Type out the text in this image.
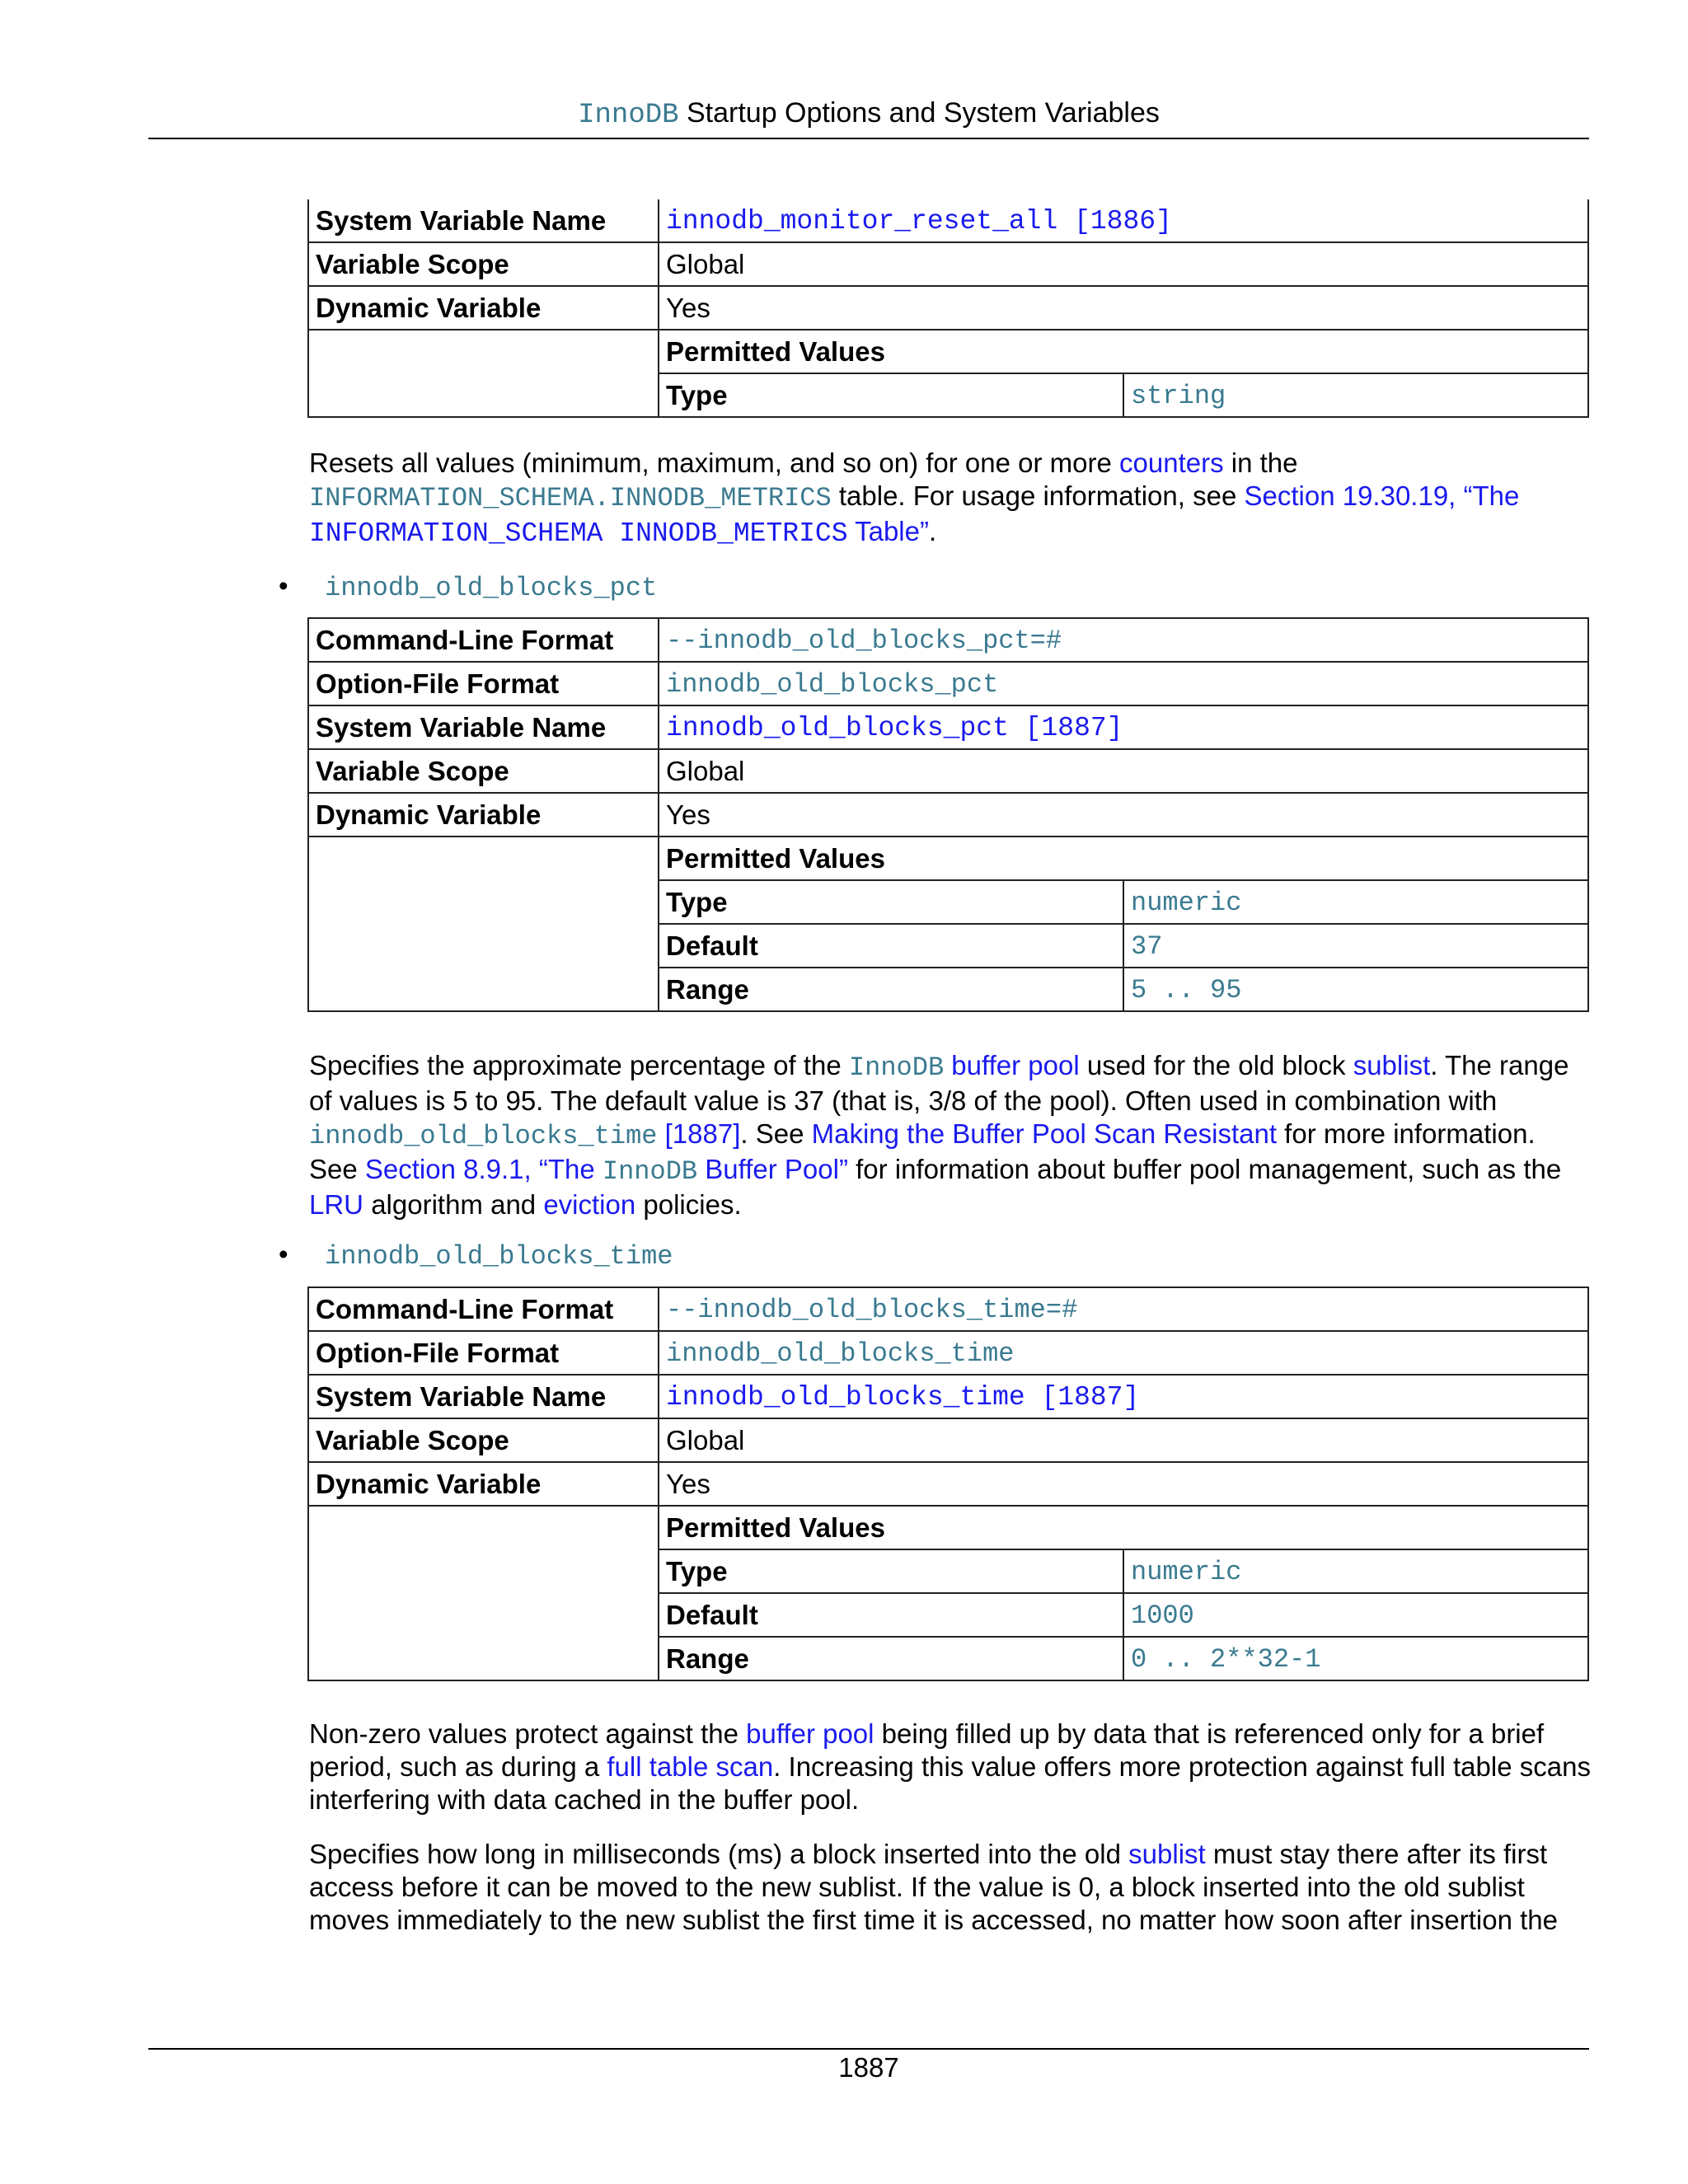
InnoDB Startup Options and System Variables
System Variable Name	innodb_monitor_reset_all [1886]	
Variable Scope	Global	
Dynamic Variable	Yes	
	Permitted Values	
	Type	string
Resets all values (minimum, maximum, and so on) for one or more counters in the INFORMATION_SCHEMA.INNODB_METRICS table. For usage information, see Section 19.30.19, “The INFORMATION_SCHEMA INNODB_METRICS Table”.
• innodb_old_blocks_pct
Command-Line Format	--innodb_old_blocks_pct=#	
Option-File Format	innodb_old_blocks_pct	
System Variable Name	innodb_old_blocks_pct [1887]	
Variable Scope	Global	
Dynamic Variable	Yes	
	Permitted Values	
	Type	numeric
	Default	37
	Range	5 .. 95
Specifies the approximate percentage of the InnoDB buffer pool used for the old block sublist. The range of values is 5 to 95. The default value is 37 (that is, 3/8 of the pool). Often used in combination with innodb_old_blocks_time [1887]. See Making the Buffer Pool Scan Resistant for more information. See Section 8.9.1, “The InnoDB Buffer Pool” for information about buffer pool management, such as the LRU algorithm and eviction policies.
• innodb_old_blocks_time
Command-Line Format	--innodb_old_blocks_time=#	
Option-File Format	innodb_old_blocks_time	
System Variable Name	innodb_old_blocks_time [1887]	
Variable Scope	Global	
Dynamic Variable	Yes	
	Permitted Values	
	Type	numeric
	Default	1000
	Range	0 .. 2**32-1
Non-zero values protect against the buffer pool being filled up by data that is referenced only for a brief period, such as during a full table scan. Increasing this value offers more protection against full table scans interfering with data cached in the buffer pool.
Specifies how long in milliseconds (ms) a block inserted into the old sublist must stay there after its first access before it can be moved to the new sublist. If the value is 0, a block inserted into the old sublist moves immediately to the new sublist the first time it is accessed, no matter how soon after insertion the
1887
